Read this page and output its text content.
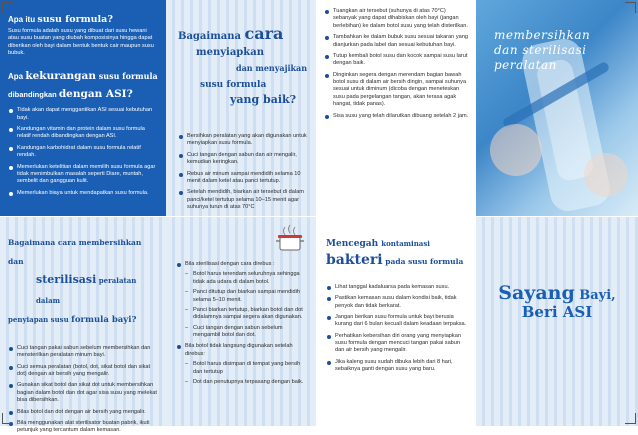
Apa itu susu formula?
Susu formula adalah susu yang dibuat dari susu hewani atau susu buatan yang diubah komposisinya hingga dapat diberikan oleh bayi dalam bentuk bentuk cair maupun susu bubuk.
Apa kekurangan susu formula
dibandingkan dengan ASI?
Tidak akan dapat menggantikan ASI sesuai kebutuhan bayi.
Kandungan vitamin dan protein dalam susu formula relatif rendah dibandingkan dengan ASI.
Kandungan karbohidrat dalam susu formula relatif rendah.
Memerlukan ketelitian dalam memilih susu formula agar tidak menimbulkan masalah seperti Diare, muntah, sembelit dan gangguan kulit.
Memerlukan biaya untuk mendapatkan susu formula.
Bagaimana cara
menyiapkan
dan menyajikan
susu formula
yang baik?
Bersihkan peralatan yang akan digunakan untuk menyiapkan susu formula.
Cuci tangan dengan sabun dan air mengalir, kemudian keringkan.
Rebus air minum sampai mendidih selama 10 menit dalam ketel atau panci tertutup.
Setelah mendidih, biarkan air tersebut di dalam panci/ketel tertutup selama 10–15 menit agar suhunya turun di atas 70°C
Tuangkan air tersebut (suhunya di atas 70°C) sebanyak yang dapat dihabiskan oleh bayi (jangan berlebihan) ke dalam botol susu yang telah disterilkan.
Tambahkan ke dalam bubuk susu sesuai takaran yang dianjurkan pada label dan sesuai kebutuhan bayi.
Tutup kembali botol susu dan kocok sampai susu larut dengan baik.
Dinginkan segera dengan merendam bagian bawah botol susu di dalam air bersih dingin, sampai suhunya sesuai untuk diminum (dicoba dengan meneteskan susu pada pergelangan tangan, akan terasa agak hangat, tidak panas).
Sisa susu yang telah dilarutkan dibuang setelah 2 jam.
membersihkan
dan sterilisasi
peralatan
Bagaimana cara membersihkan dan
sterilisasi peralatan dalam
penyiapan susu formula bayi?
Cuci tangan pakai sabun sebelum membersihkan dan mensterilkan peralatan minum bayi.
Cuci semua peralatan (botol, dot, sikat botol dan sikat dot) dengan air bersih yang mengalir.
Gunakan sikat botol dan sikat dot untuk membersihkan bagian dalam botol dan dot agar sisa susu yang melekat bisa dibersihkan.
Bilas botol dan dot dengan air bersih yang mengalir.
Bila menggunakan alat sterilisator buatan pabrik, ikuti petunjuk yang tercantum dalam kemasan.
Bila sterilisasi dengan cara direbus :
– Botol harus terendam seluruhnya sehingga tidak ada udara di dalam botol.
– Panci ditutup dan biarkan sampai mendidih selama 5–10 menit.
– Panci biarkan tertutup, biarkan botol dan dot didalamnya sampai segera akan digunakan.
– Cuci tangan dengan sabun sebelum mengambil botol dan dot.
Bila botol tidak langsung digunakan setelah direbus:
– Botol harus disimpan di tempat yang bersih dan tertutup
– Dot dan penutupnya terpasang dengan baik.
Mencegah kontaminasi
bakteri pada susu formula
Lihat tanggal kadaluarsa pada kemasan susu.
Pastikan kemasan susu dalam kondisi baik, tidak penyok dan tidak berkarat.
Jangan berikan susu formula untuk bayi berusia kurang dari 6 bulan kecuali dalam keadaan terpaksa.
Perhatikan kebersihan diri orang yang menyiapkan susu formula dengan mencuci tangan pakai sabun dan air bersih yang mengalir.
Jika kaleng susu sudah dibuka lebih dari 8 hari, sebaiknya ganti dengan susu yang baru.
Sayang Bayi,
Beri ASI
